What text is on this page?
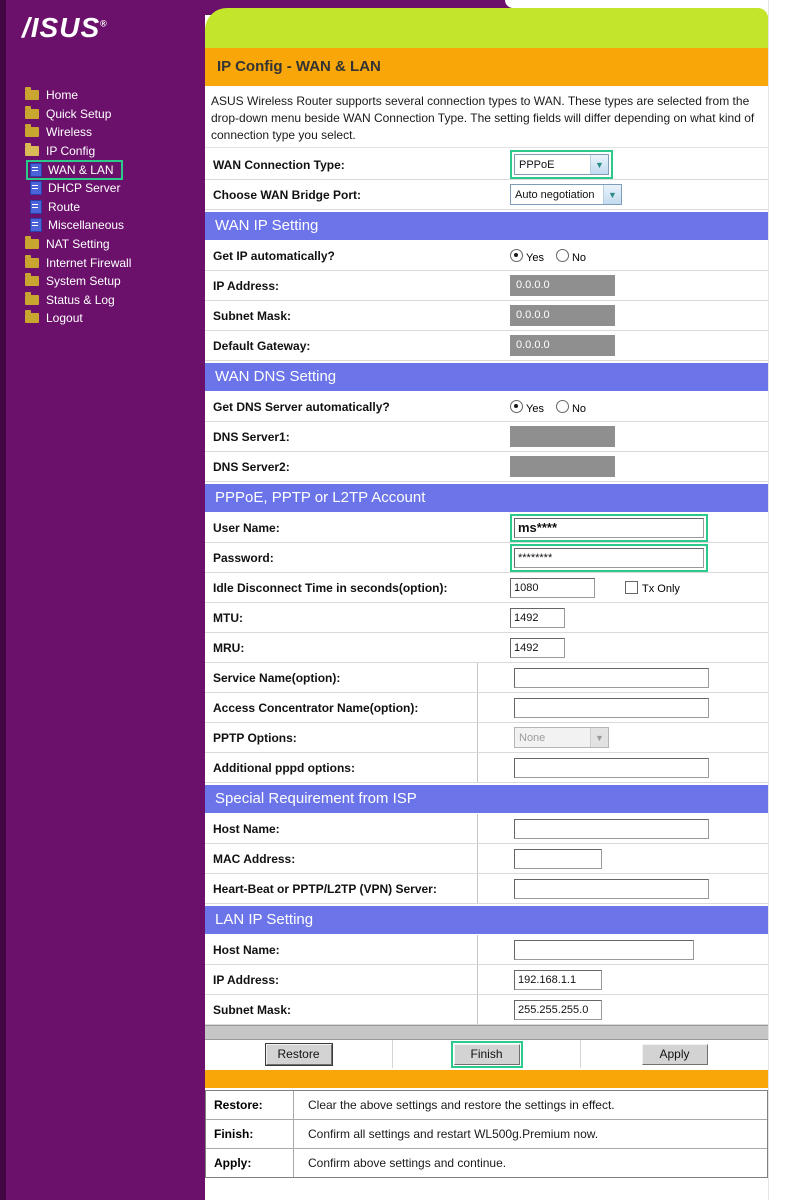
/ISUS®
Home
Quick Setup
Wireless
IP Config
WAN & LAN
DHCP Server
Route
Miscellaneous
NAT Setting
Internet Firewall
System Setup
Status & Log
Logout
IP Config - WAN & LAN
ASUS Wireless Router supports several connection types to WAN. These types are selected from the drop-down menu beside WAN Connection Type. The setting fields will differ depending on what kind of connection type you select.
WAN Connection Type:	PPPoE	▼
Choose WAN Bridge Port:	Auto negotiation	▼
WAN IP Setting
Get IP automatically?	Yes	No
IP Address:	0.0.0.0
Subnet Mask:	0.0.0.0
Default Gateway:	0.0.0.0
WAN DNS Setting
Get DNS Server automatically?	Yes	No
DNS Server1:
DNS Server2:
PPPoE, PPTP or L2TP Account
User Name:
ms****
Password:
********
Idle Disconnect Time in seconds(option):
1080	Tx Only
MTU:
1492
MRU:
1492
Service Name(option):
Access Concentrator Name(option):
PPTP Options:	None	▼
Additional pppd options:
Special Requirement from ISP
Host Name:
MAC Address:
Heart-Beat or PPTP/L2TP (VPN) Server:
LAN IP Setting
Host Name:
IP Address:
192.168.1.1
Subnet Mask:
255.255.255.0
Restore	Finish	Apply
Restore:	Clear the above settings and restore the settings in effect.
Finish:	Confirm all settings and restart WL500g.Premium now.
Apply:	Confirm above settings and continue.
